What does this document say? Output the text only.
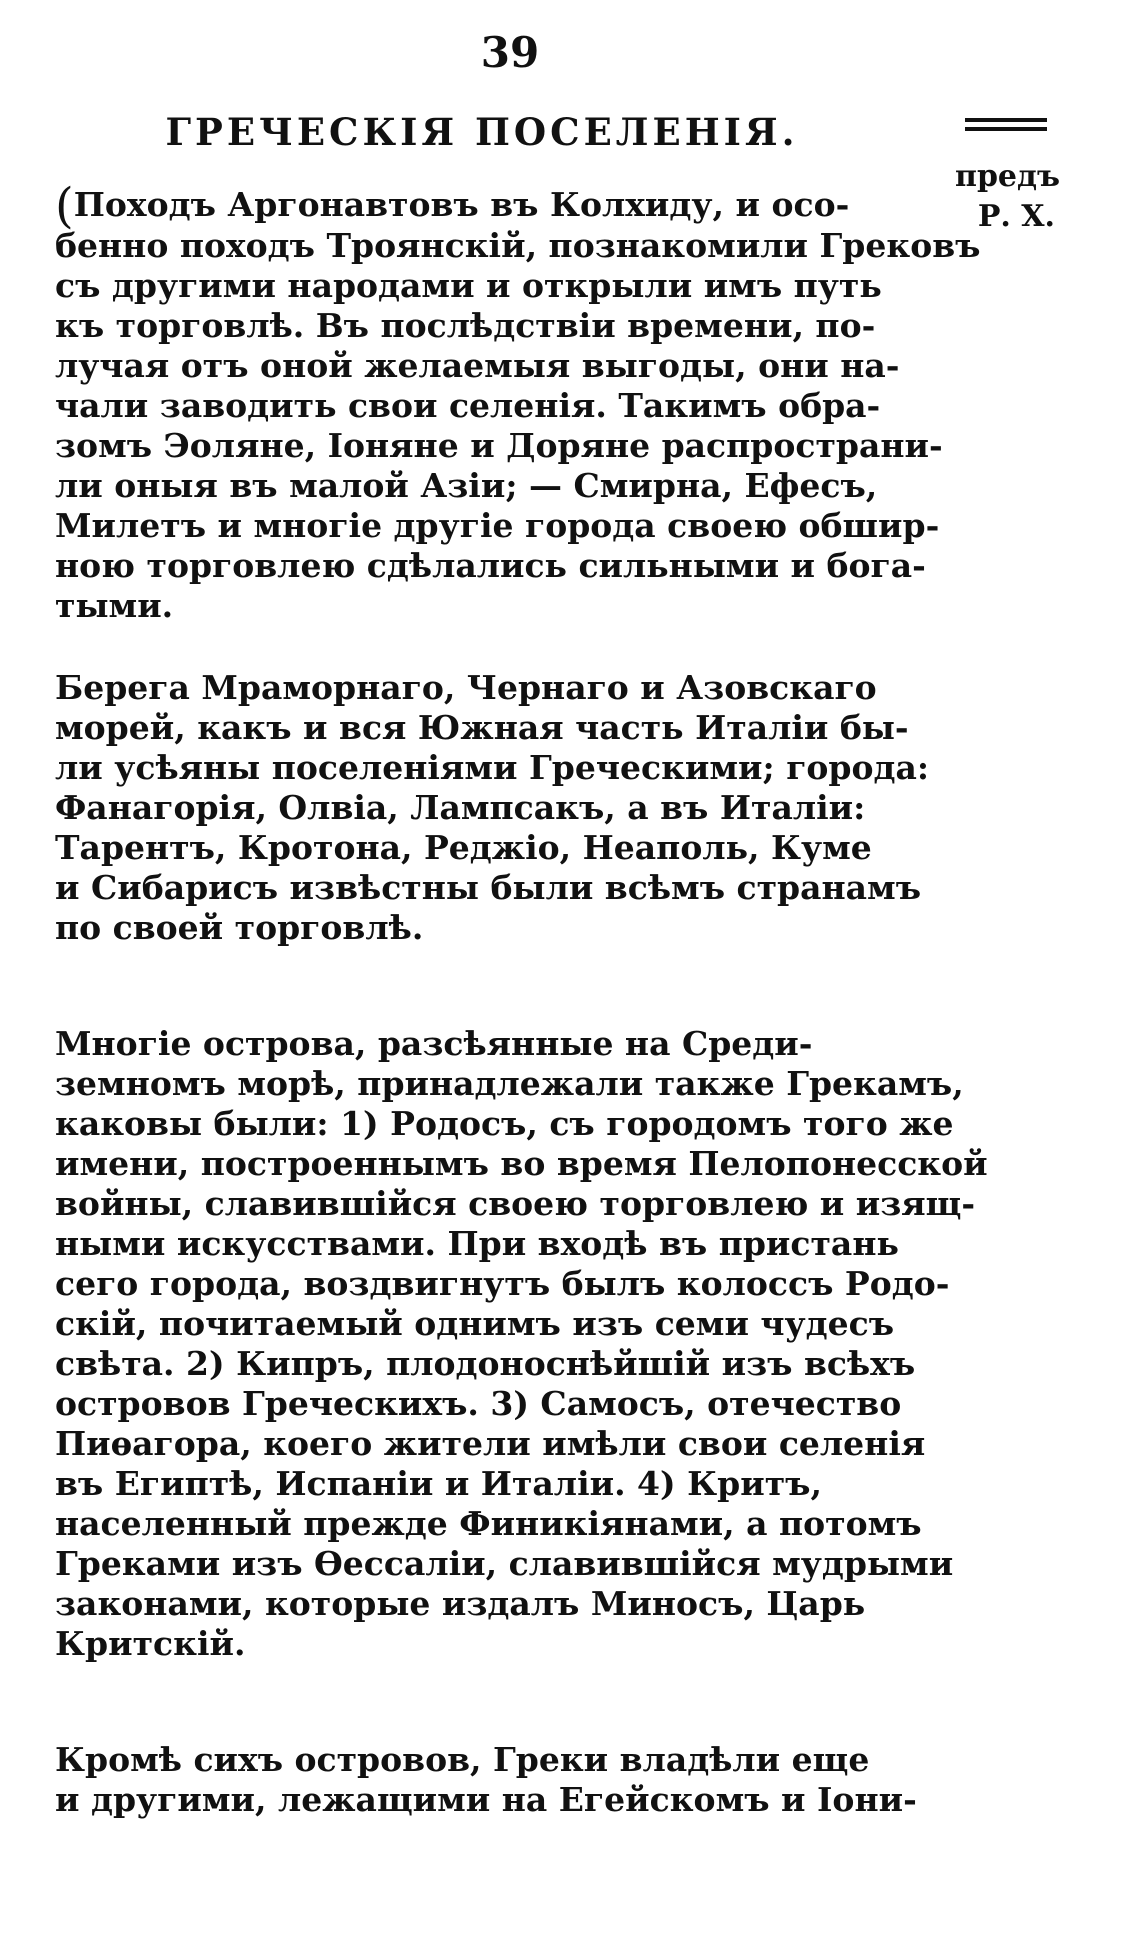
39
ГРЕЧЕСКІЯ ПОСЕЛЕНІЯ.
предъ
Р. Х.
(Походъ Аргонавтовъ въ Колхиду, и осо-
бенно походъ Троянскій, познакомили Грековъ
съ другими народами и открыли имъ путь
къ торговлѣ. Въ послѣдствіи времени, по-
лучая отъ оной желаемыя выгоды, они на-
чали заводить свои селенія. Такимъ обра-
зомъ Эоляне, Іоняне и Доряне распространи-
ли оныя въ малой Азіи; — Смирна, Ефесъ,
Милетъ и многіе другіе города своею обшир-
ною торговлею сдѣлались сильными и бога-
тыми.
Берега Мраморнаго, Чернаго и Азовскаго
морей, какъ и вся Южная часть Италіи бы-
ли усѣяны поселеніями Греческими; города:
Фанагорія, Олвіа, Лампсакъ, а въ Италіи:
Тарентъ, Кротона, Реджіо, Неаполь, Куме
и Сибарисъ извѣстны были всѣмъ странамъ
по своей торговлѣ.
Многіе острова, разсѣянные на Среди-
земномъ морѣ, принадлежали также Грекамъ,
каковы были: 1) Родосъ, съ городомъ того же
имени, построеннымъ во время Пелопонесской
войны, славившійся своею торговлею и изящ-
ными искусствами. При входѣ въ пристань
сего города, воздвигнутъ былъ колоссъ Родо-
скій, почитаемый однимъ изъ семи чудесъ
свѣта. 2) Кипръ, плодоноснѣйшій изъ всѣхъ
островов Греческихъ. 3) Самосъ, отечество
Пиѳагора, коего жители имѣли свои селенія
въ Египтѣ, Испаніи и Италіи. 4) Критъ,
населенный прежде Финикіянами, а потомъ
Греками изъ Ѳессаліи, славившійся мудрыми
законами, которые издалъ Миносъ, Царь
Критскій.
Кромѣ сихъ островов, Греки владѣли еще
и другими, лежащими на Егейскомъ и Іони-
